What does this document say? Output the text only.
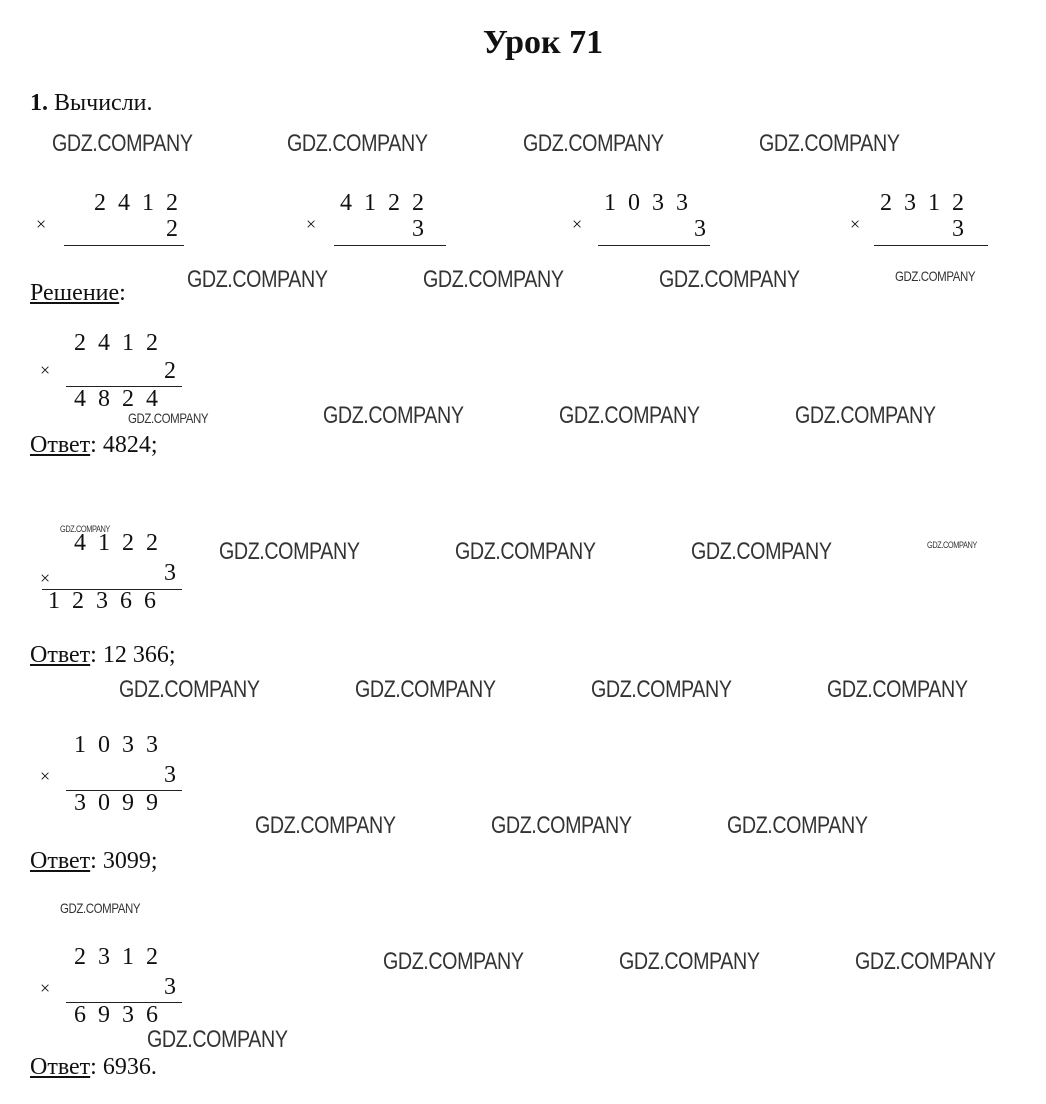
Урок 71
1. Вычисли.
GDZ.COMPANY	GDZ.COMPANY	GDZ.COMPANY	GDZ.COMPANY
×
2 4 1 2
2	×
4 1 2 2
3	×
1 0 3 3
3	×
2 3 1 2
3
Решение:	GDZ.COMPANY	GDZ.COMPANY	GDZ.COMPANY	GDZ.COMPANY
×
2 4 1 2
2
4 8 2 4
GDZ.COMPANY	GDZ.COMPANY	GDZ.COMPANY	GDZ.COMPANY
Ответ: 4824;
GDZ.COMPANY
×
4 1 2 2
3
1 2 3 6 6
GDZ.COMPANY	GDZ.COMPANY	GDZ.COMPANY	GDZ.COMPANY
Ответ: 12 366;
GDZ.COMPANY	GDZ.COMPANY	GDZ.COMPANY	GDZ.COMPANY
×
1 0 3 3
3
3 0 9 9
GDZ.COMPANY	GDZ.COMPANY	GDZ.COMPANY
Ответ: 3099;
GDZ.COMPANY
×
2 3 1 2
3
6 9 3 6
GDZ.COMPANY	GDZ.COMPANY	GDZ.COMPANY
GDZ.COMPANY
Ответ: 6936.
